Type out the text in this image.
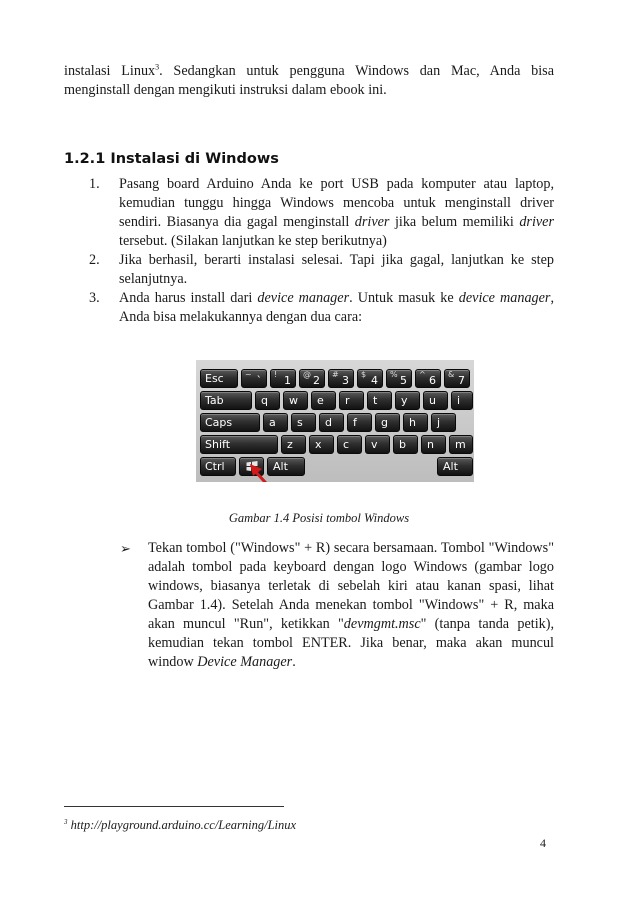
instalasi Linux$^3$. Sedangkan untuk pengguna Windows dan Mac, Anda bisa menginstall dengan mengikuti instruksi dalam ebook ini.

1.2.1 Instalasi di Windows
1. Pasang board Arduino Anda ke port USB pada komputer atau laptop, kemudian tunggu hingga Windows mencoba untuk menginstall driver sendiri. Biasanya dia gagal menginstall driver jika belum memiliki driver tersebut. (Silakan lanjutkan ke step berikutnya)
2. Jika berhasil, berarti instalasi selesai. Tapi jika gagal, lanjutkan ke step selanjutnya.
3. Anda harus install dari device manager. Untuk masuk ke device manager, Anda bisa melakukannya dengan dua cara:
Esc	~ ` ! 1 @ 2 # 3 $ 4 % 5 ^ 6 & 7
Tab	q	w	e	r	t	y	u	i
Caps	a	s	d	f	g	h	j
Shift	z	x	c	v	b	n	m
Ctrl	Alt	Alt
Gambar 1.4 Posisi tombol Windows
➢	Tekan tombol ("Windows" + R) secara bersamaan. Tombol "Windows" adalah tombol pada keyboard dengan logo Windows (gambar logo windows, biasanya terletak di sebelah kiri atau kanan spasi, lihat Gambar 1.4). Setelah Anda menekan tombol "Windows" + R, maka akan muncul "Run", ketikkan "devmgmt.msc" (tanpa tanda petik), kemudian tekan tombol ENTER. Jika benar, maka akan muncul window Device Manager.
$^3$ http://playground.arduino.cc/Learning/Linux
4
